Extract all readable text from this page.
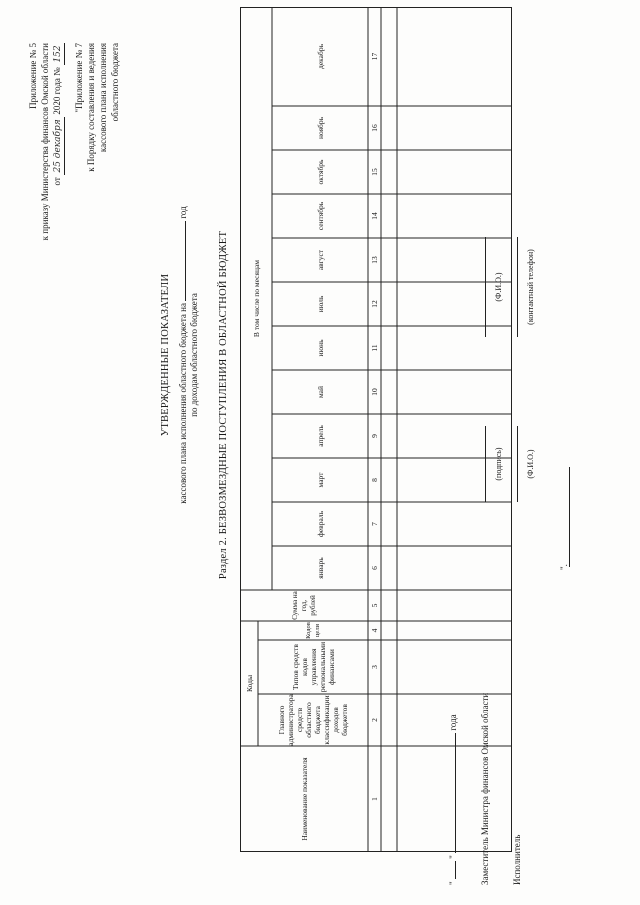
Приложение № 5 к приказу Министерства финансов Омской области от 25 декабря 2020 года № 152 "Приложение № 7 к Порядку составления и ведения кассового плана исполнения областного бюджета
УТВЕРЖДЕННЫЕ ПОКАЗАТЕЛИ кассового плана исполнения областного бюджета на  год
по доходам областного бюджета Раздел 2. БЕЗВОЗМЕЗДНЫЕ ПОСТУПЛЕНИЯ В ОБЛАСТНОЙ БЮДЖЕТ
Наименование показателя
Коды
Главного администратора средств областного бюджета классификации доходов бюджетов
Типов средств кодов управления региональными финансами
Кодов цели
Сумма на год, рублей
В том числе по месяцам
январь
февраль
март
апрель
май
июнь
июль
август
сентябрь
октябрь
ноябрь
декабрь
1
2
3
4
5
6
7
8
9
10
11
12
13
14
15
16
17
"  "  года Заместитель Министра финансов Омской области
(подпись)
(Ф.И.О.)
Исполнитель
(Ф.И.О.)
(контактный телефон)
".
